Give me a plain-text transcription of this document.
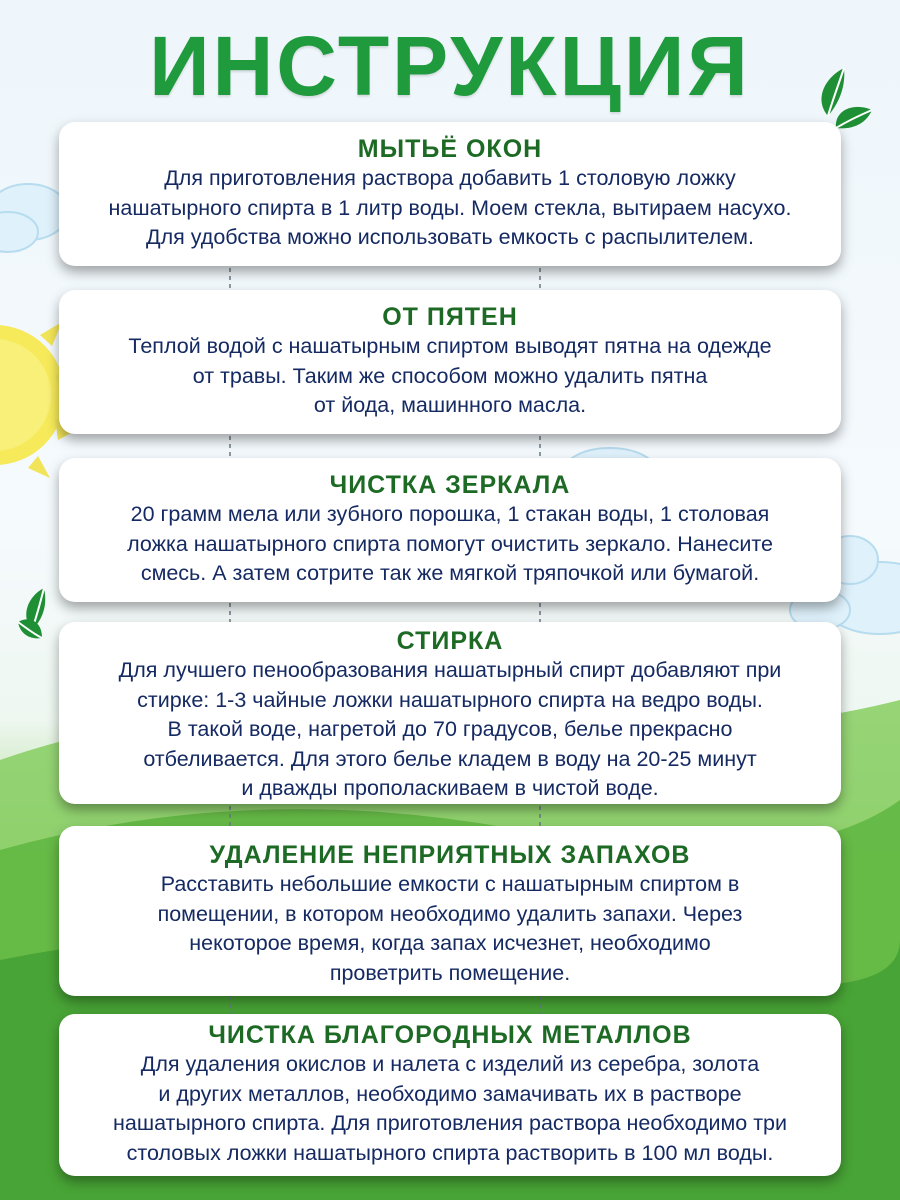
ИНСТРУКЦИЯ
МЫТЬЁ ОКОН

Для приготовления раствора добавить 1 столовую ложку
нашатырного спирта в 1 литр воды. Моем стекла, вытираем насухо.
Для удобства можно использовать емкость с распылителем.

ОТ ПЯТЕН

Теплой водой с нашатырным спиртом выводят пятна на одежде
от травы. Таким же способом можно удалить пятна
от йода, машинного масла.

ЧИСТКА ЗЕРКАЛА

20 грамм мела или зубного порошка, 1 стакан воды, 1 столовая
ложка нашатырного спирта помогут очистить зеркало. Нанесите
смесь. А затем сотрите так же мягкой тряпочкой или бумагой.

СТИРКА

Для лучшего пенообразования нашатырный спирт добавляют при
стирке: 1-3 чайные ложки нашатырного спирта на ведро воды.
В такой воде, нагретой до 70 градусов, белье прекрасно
отбеливается. Для этого белье кладем в воду на 20-25 минут
и дважды прополаскиваем в чистой воде.

УДАЛЕНИЕ НЕПРИЯТНЫХ ЗАПАХОВ

Расставить небольшие емкости с нашатырным спиртом в
помещении, в котором необходимо удалить запахи. Через
некоторое время, когда запах исчезнет, необходимо
проветрить помещение.

ЧИСТКА БЛАГОРОДНЫХ МЕТАЛЛОВ

Для удаления окислов и налета с изделий из серебра, золота
и других металлов, необходимо замачивать их в растворе
нашатырного спирта. Для приготовления раствора необходимо три
столовых ложки нашатырного спирта растворить в 100 мл воды.
